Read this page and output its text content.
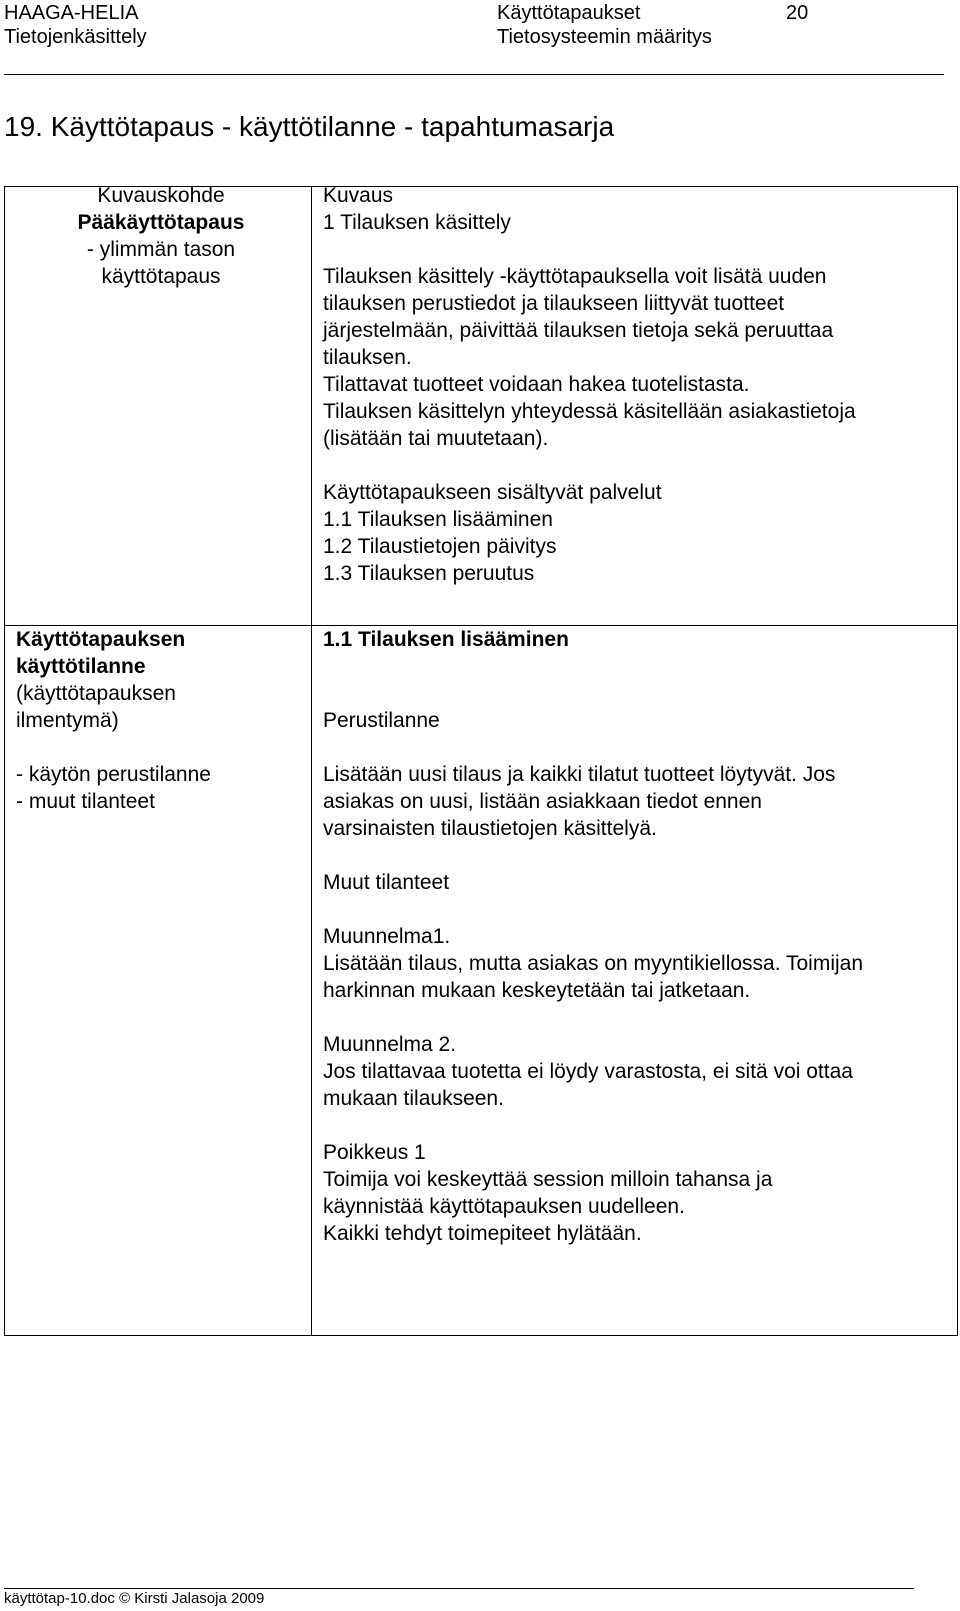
HAAGA-HELIA
Tietojenkäsittely
Käyttötapaukset
Tietosysteemin määritys
20
19. Käyttötapaus - käyttötilanne - tapahtumasarja
Kuvauskohde
Pääkäyttötapaus
- ylimmän tason
käyttötapaus
Kuvaus
1 Tilauksen käsittely
Tilauksen käsittely -käyttötapauksella voit lisätä uuden
tilauksen perustiedot ja tilaukseen liittyvät tuotteet
järjestelmään, päivittää tilauksen tietoja sekä peruuttaa
tilauksen.
Tilattavat tuotteet voidaan hakea tuotelistasta.
Tilauksen käsittelyn yhteydessä käsitellään asiakastietoja
(lisätään tai muutetaan).
Käyttötapaukseen sisältyvät palvelut
1.1 Tilauksen lisääminen
1.2 Tilaustietojen päivitys
1.3 Tilauksen peruutus
Käyttötapauksen
käyttötilanne
(käyttötapauksen
ilmentymä)
- käytön perustilanne
- muut tilanteet
1.1 Tilauksen lisääminen
Perustilanne
Lisätään uusi tilaus ja kaikki tilatut tuotteet löytyvät. Jos
asiakas on uusi, listään asiakkaan tiedot ennen
varsinaisten tilaustietojen käsittelyä.
Muut tilanteet
Muunnelma1.
Lisätään tilaus, mutta asiakas on myyntikiellossa. Toimijan
harkinnan mukaan keskeytetään tai jatketaan.
Muunnelma 2.
Jos tilattavaa tuotetta ei löydy varastosta, ei sitä voi ottaa
mukaan tilaukseen.
Poikkeus 1
Toimija voi keskeyttää session milloin tahansa ja
käynnistää käyttötapauksen uudelleen.
Kaikki tehdyt toimepiteet hylätään.
käyttötap-10.doc © Kirsti Jalasoja 2009
